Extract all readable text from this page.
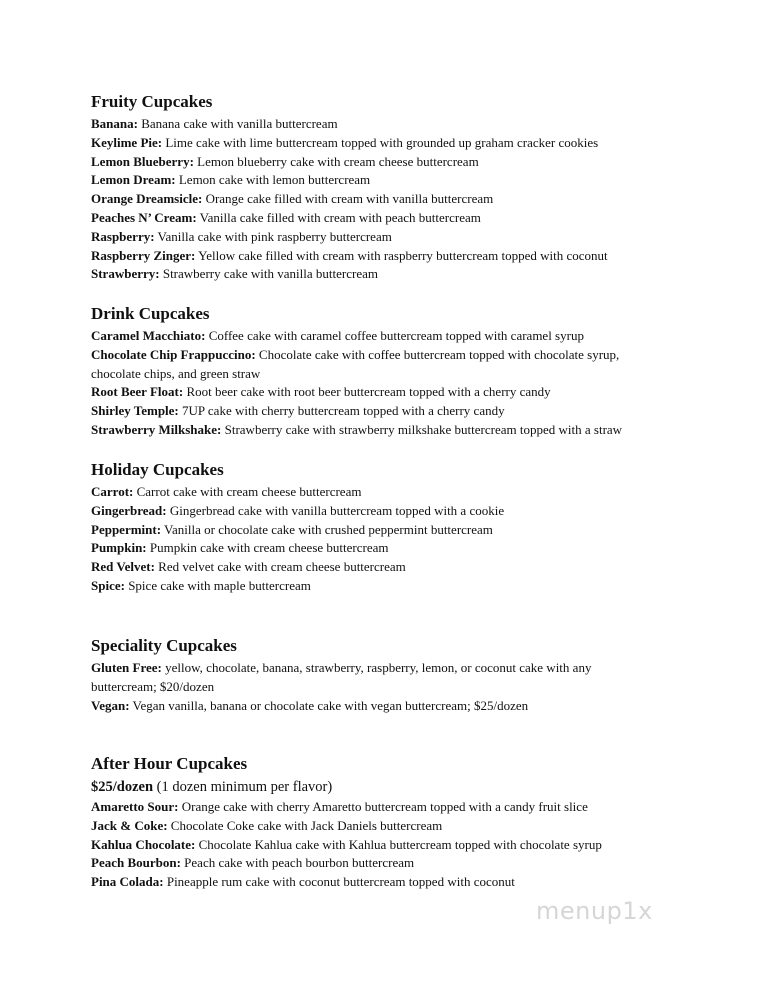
Fruity Cupcakes

Banana: Banana cake with vanilla buttercream

Keylime Pie: Lime cake with lime buttercream topped with grounded up graham cracker cookies

Lemon Blueberry: Lemon blueberry cake with cream cheese buttercream

Lemon Dream: Lemon cake with lemon buttercream

Orange Dreamsicle: Orange cake filled with cream with vanilla buttercream

Peaches N’ Cream: Vanilla cake filled with cream with peach buttercream

Raspberry: Vanilla cake with pink raspberry buttercream

Raspberry Zinger: Yellow cake filled with cream with raspberry buttercream topped with coconut

Strawberry: Strawberry cake with vanilla buttercream

Drink Cupcakes

Caramel Macchiato: Coffee cake with caramel coffee buttercream topped with caramel syrup

Chocolate Chip Frappuccino: Chocolate cake with coffee buttercream topped with chocolate syrup, chocolate chips, and green straw

Root Beer Float: Root beer cake with root beer buttercream topped with a cherry candy

Shirley Temple: 7UP cake with cherry buttercream topped with a cherry candy

Strawberry Milkshake: Strawberry cake with strawberry milkshake buttercream topped with a straw

Holiday Cupcakes

Carrot: Carrot cake with cream cheese buttercream

Gingerbread: Gingerbread cake with vanilla buttercream topped with a cookie

Peppermint: Vanilla or chocolate cake with crushed peppermint buttercream

Pumpkin: Pumpkin cake with cream cheese buttercream

Red Velvet: Red velvet cake with cream cheese buttercream

Spice: Spice cake with maple buttercream

Speciality Cupcakes

Gluten Free: yellow, chocolate, banana, strawberry, raspberry, lemon, or coconut cake with any buttercream; $20/dozen

Vegan: Vegan vanilla, banana or chocolate cake with vegan buttercream; $25/dozen

After Hour Cupcakes

$25/dozen (1 dozen minimum per flavor)

Amaretto Sour: Orange cake with cherry Amaretto buttercream topped with a candy fruit slice

Jack & Coke: Chocolate Coke cake with Jack Daniels buttercream

Kahlua Chocolate: Chocolate Kahlua cake with Kahlua buttercream topped with chocolate syrup

Peach Bourbon: Peach cake with peach bourbon buttercream

Pina Colada: Pineapple rum cake with coconut buttercream topped with coconut

menup1x
